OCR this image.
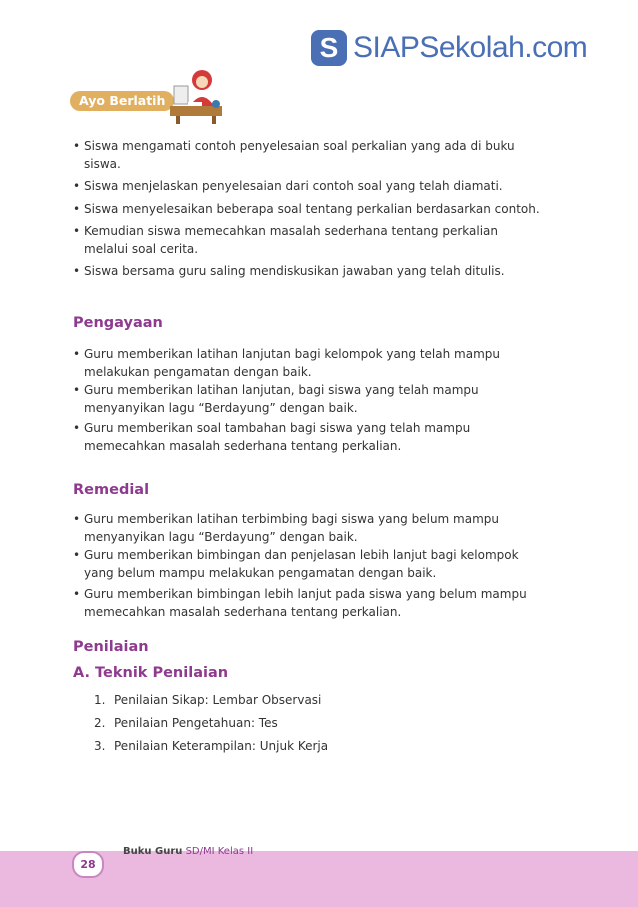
S SIAPSekolah.com
Ayo Berlatih
• Siswa mengamati contoh penyelesaian soal perkalian yang ada di buku
siswa.
• Siswa menjelaskan penyelesaian dari contoh soal yang telah diamati.
• Siswa menyelesaikan beberapa soal tentang perkalian berdasarkan contoh.
• Kemudian siswa memecahkan masalah sederhana tentang perkalian
melalui soal cerita.
• Siswa bersama guru saling mendiskusikan jawaban yang telah ditulis.
Pengayaan
• Guru memberikan latihan lanjutan bagi kelompok yang telah mampu
melakukan pengamatan dengan baik.
• Guru memberikan latihan lanjutan, bagi siswa yang telah mampu
menyanyikan lagu “Berdayung” dengan baik.
• Guru memberikan soal tambahan bagi siswa yang telah mampu
memecahkan masalah sederhana tentang perkalian.
Remedial
• Guru memberikan latihan terbimbing bagi siswa yang belum mampu
menyanyikan lagu “Berdayung” dengan baik.
• Guru memberikan bimbingan dan penjelasan lebih lanjut bagi kelompok
yang belum mampu melakukan pengamatan dengan baik.
• Guru memberikan bimbingan lebih lanjut pada siswa yang belum mampu
memecahkan masalah sederhana tentang perkalian.
Penilaian
A. Teknik Penilaian
1. Penilaian Sikap: Lembar Observasi
2. Penilaian Pengetahuan: Tes
3. Penilaian Keterampilan: Unjuk Kerja
28
Buku Guru SD/MI Kelas II
